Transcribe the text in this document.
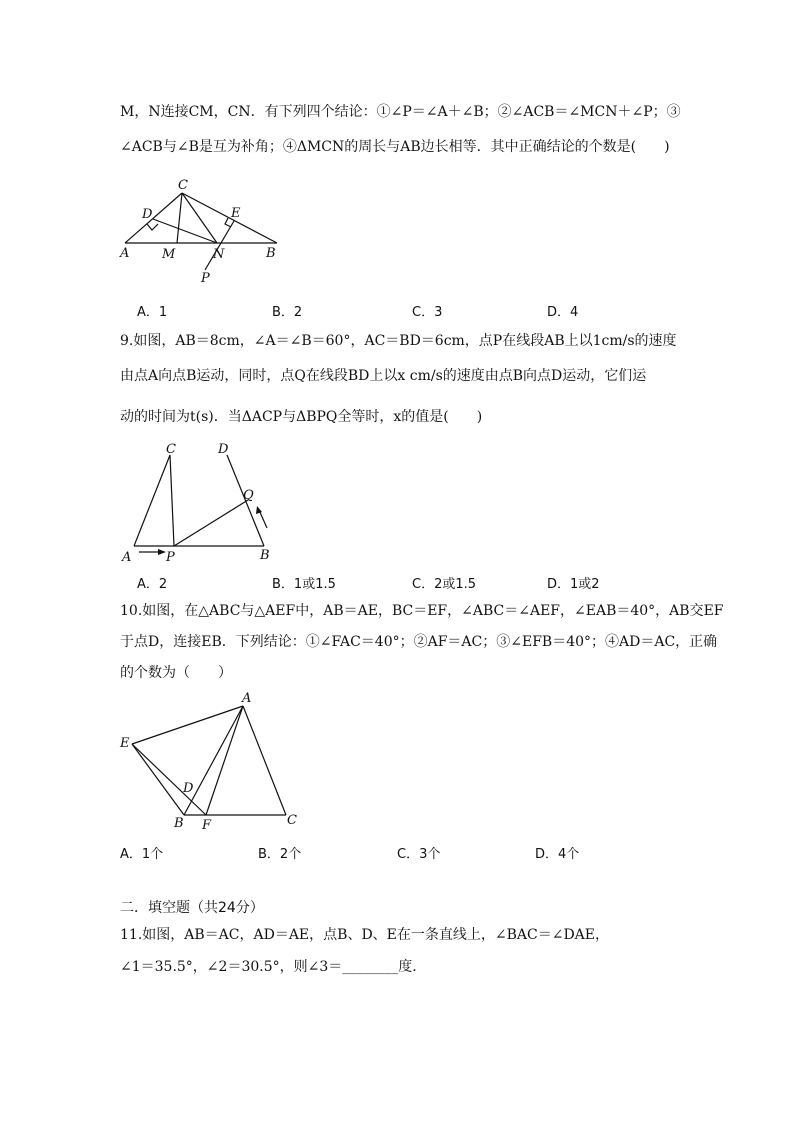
M，N连接CM，CN．有下列四个结论：①∠P＝∠A＋∠B；②∠ACB＝∠MCN＋∠P；③
∠ACB与∠B是互为补角；④ΔMCN的周长与AB边长相等．其中正确结论的个数是(　　)
C
D	E
A	M	N	B
P
A．1	B．2	C．3	D．4
9.如图，AB＝8cm，∠A＝∠B＝60°，AC＝BD＝6cm，点P在线段AB上以1cm/s的速度
由点A向点B运动，同时，点Q在线段BD上以x cm/s的速度由点B向点D运动，它们运
动的时间为t(s)．当ΔACP与ΔBPQ全等时，x的值是(　　)
C	D
Q
A	P	B
A．2	B．1或1.5	C．2或1.5	D．1或2
10.如图，在△ABC与△AEF中，AB＝AE，BC＝EF，∠ABC＝∠AEF，∠EAB＝40°，AB交EF
于点D，连接EB．下列结论：①∠FAC＝40°；②AF＝AC；③∠EFB＝40°；④AD＝AC，正确
的个数为（　　）
A
E
D
B F	C
A．1个	B．2个	C．3个	D．4个
二．填空题（共24分）
11.如图，AB＝AC，AD＝AE，点B、D、E在一条直线上，∠BAC＝∠DAE，
∠1＝35.5°，∠2＝30.5°，则∠3＝________度．
